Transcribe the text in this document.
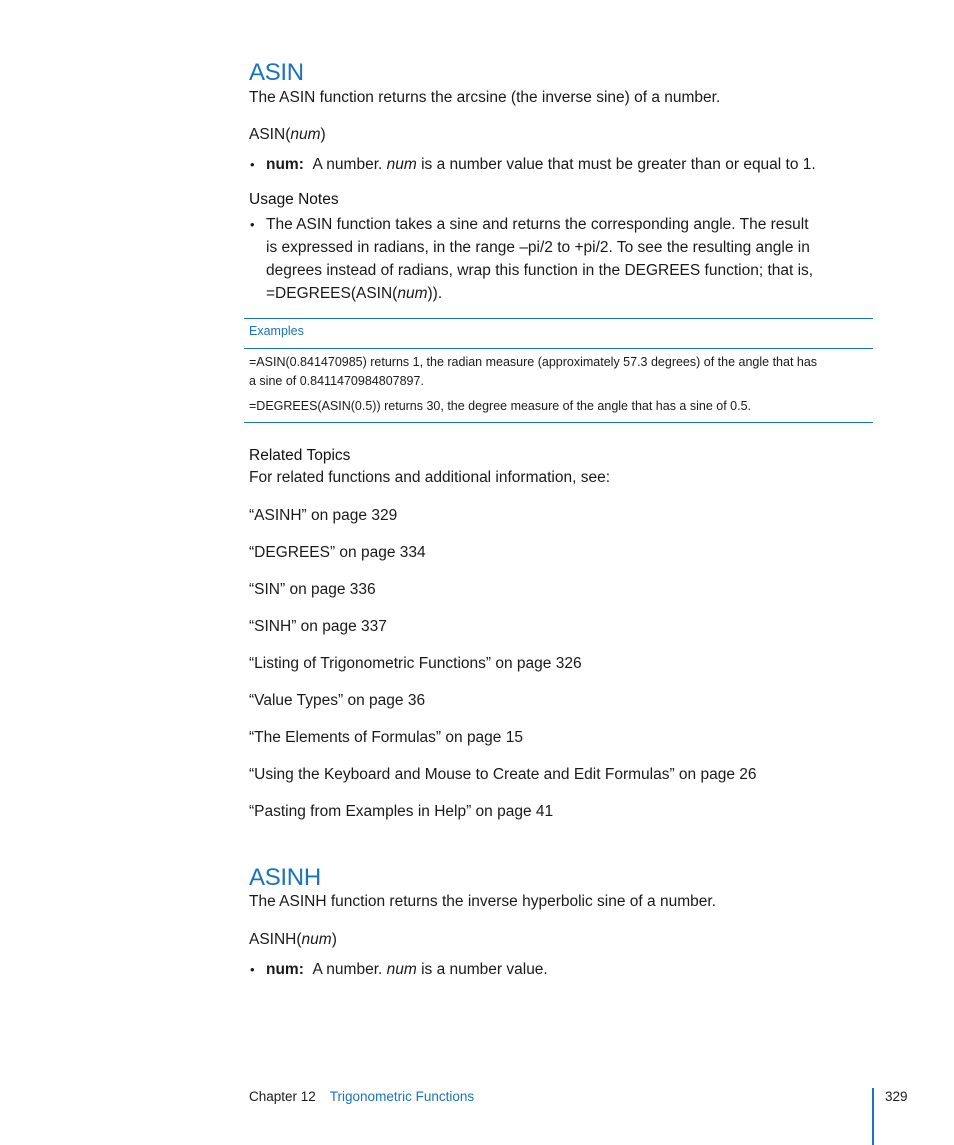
ASIN
The ASIN function returns the arcsine (the inverse sine) of a number.
ASIN(num)
• num: A number. num is a number value that must be greater than or equal to 1.
Usage Notes
• The ASIN function takes a sine and returns the corresponding angle. The result
is expressed in radians, in the range –pi/2 to +pi/2. To see the resulting angle in
degrees instead of radians, wrap this function in the DEGREES function; that is,
=DEGREES(ASIN(num)).
Examples
=ASIN(0.841470985) returns 1, the radian measure (approximately 57.3 degrees) of the angle that has
a sine of 0.8411470984807897.
=DEGREES(ASIN(0.5)) returns 30, the degree measure of the angle that has a sine of 0.5.
Related Topics
For related functions and additional information, see:
“ASINH” on page 329
“DEGREES” on page 334
“SIN” on page 336
“SINH” on page 337
“Listing of Trigonometric Functions” on page 326
“Value Types” on page 36
“The Elements of Formulas” on page 15
“Using the Keyboard and Mouse to Create and Edit Formulas” on page 26
“Pasting from Examples in Help” on page 41
ASINH
The ASINH function returns the inverse hyperbolic sine of a number.
ASINH(num)
• num: A number. num is a number value.
Chapter 12 Trigonometric Functions	329
